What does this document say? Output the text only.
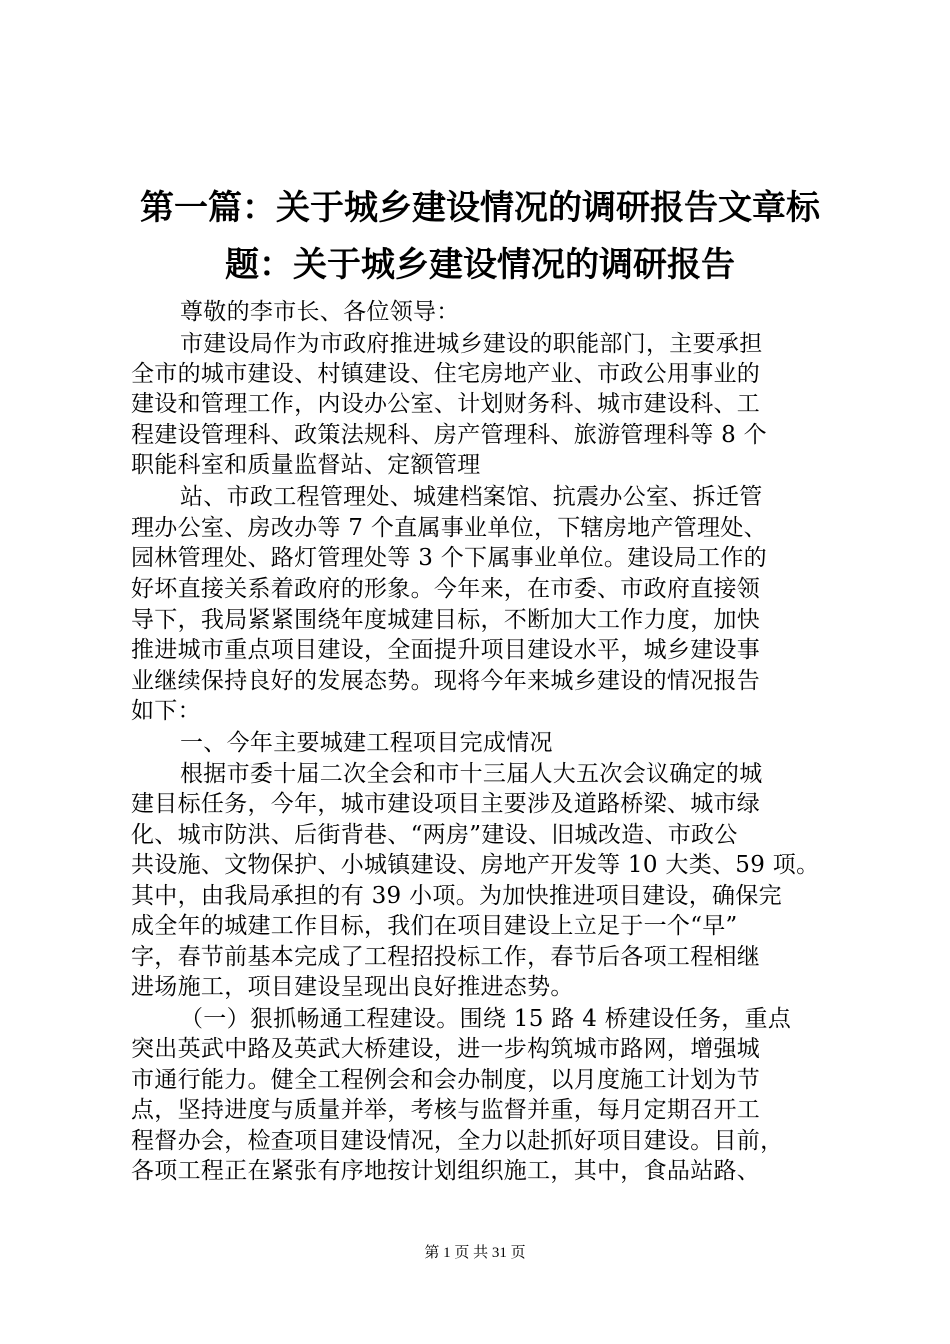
第一篇：关于城乡建设情况的调研报告文章标
题：关于城乡建设情况的调研报告
尊敬的李市长、各位领导：
市建设局作为市政府推进城乡建设的职能部门，主要承担
全市的城市建设、村镇建设、住宅房地产业、市政公用事业的
建设和管理工作，内设办公室、计划财务科、城市建设科、工
程建设管理科、政策法规科、房产管理科、旅游管理科等 8 个
职能科室和质量监督站、定额管理
站、市政工程管理处、城建档案馆、抗震办公室、拆迁管
理办公室、房改办等 7 个直属事业单位，下辖房地产管理处、
园林管理处、路灯管理处等 3 个下属事业单位。建设局工作的
好坏直接关系着政府的形象。今年来，在市委、市政府直接领
导下，我局紧紧围绕年度城建目标，不断加大工作力度，加快
推进城市重点项目建设，全面提升项目建设水平，城乡建设事
业继续保持良好的发展态势。现将今年来城乡建设的情况报告
如下：
一、今年主要城建工程项目完成情况
根据市委十届二次全会和市十三届人大五次会议确定的城
建目标任务，今年，城市建设项目主要涉及道路桥梁、城市绿
化、城市防洪、后街背巷、“两房”建设、旧城改造、市政公
共设施、文物保护、小城镇建设、房地产开发等 10 大类、59 项。
其中，由我局承担的有 39 小项。为加快推进项目建设，确保完
成全年的城建工作目标，我们在项目建设上立足于一个“早”
字，春节前基本完成了工程招投标工作，春节后各项工程相继
进场施工，项目建设呈现出良好推进态势。
（一）狠抓畅通工程建设。围绕 15 路 4 桥建设任务，重点
突出英武中路及英武大桥建设，进一步构筑城市路网，增强城
市通行能力。健全工程例会和会办制度，以月度施工计划为节
点，坚持进度与质量并举，考核与监督并重，每月定期召开工
程督办会，检查项目建设情况，全力以赴抓好项目建设。目前，
各项工程正在紧张有序地按计划组织施工，其中，食品站路、
第 1 页 共 31 页
